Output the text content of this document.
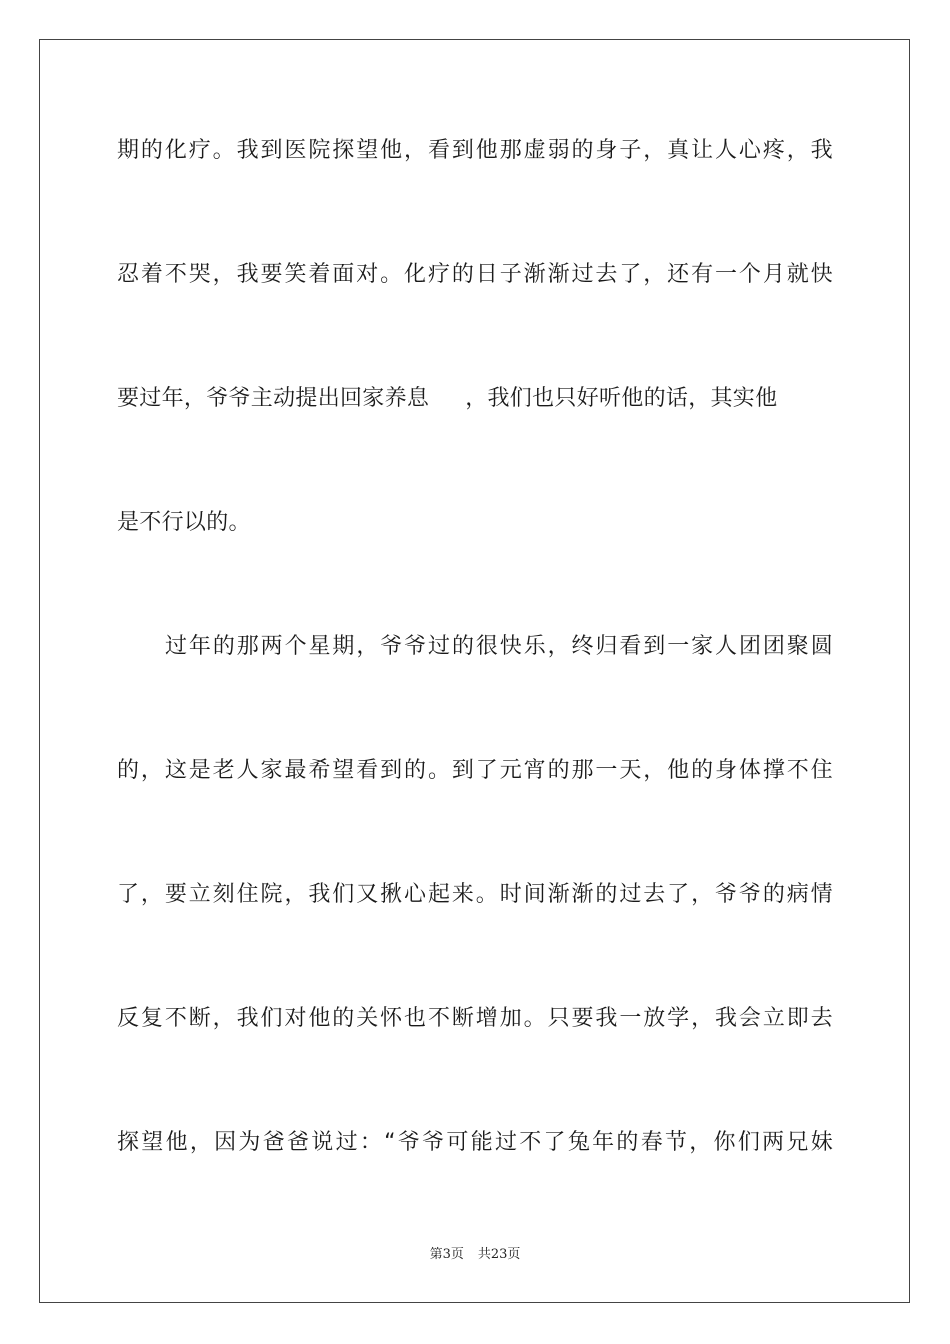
期的化疗。我到医院探望他，看到他那虚弱的身子，真让人心疼，我
忍着不哭，我要笑着面对。化疗的日子渐渐过去了，还有一个月就快
要过年，爷爷主动提出回家养息 ，我们也只好听他的话，其实他
是不行以的。
过年的那两个星期，爷爷过的很快乐，终归看到一家人团团聚圆
的，这是老人家最希望看到的。到了元宵的那一天，他的身体撑不住
了，要立刻住院，我们又揪心起来。时间渐渐的过去了，爷爷的病情
反复不断，我们对他的关怀也不断增加。只要我一放学，我会立即去
探望他，因为爸爸说过：“爷爷可能过不了兔年的春节，你们两兄妹
第3页 共23页
